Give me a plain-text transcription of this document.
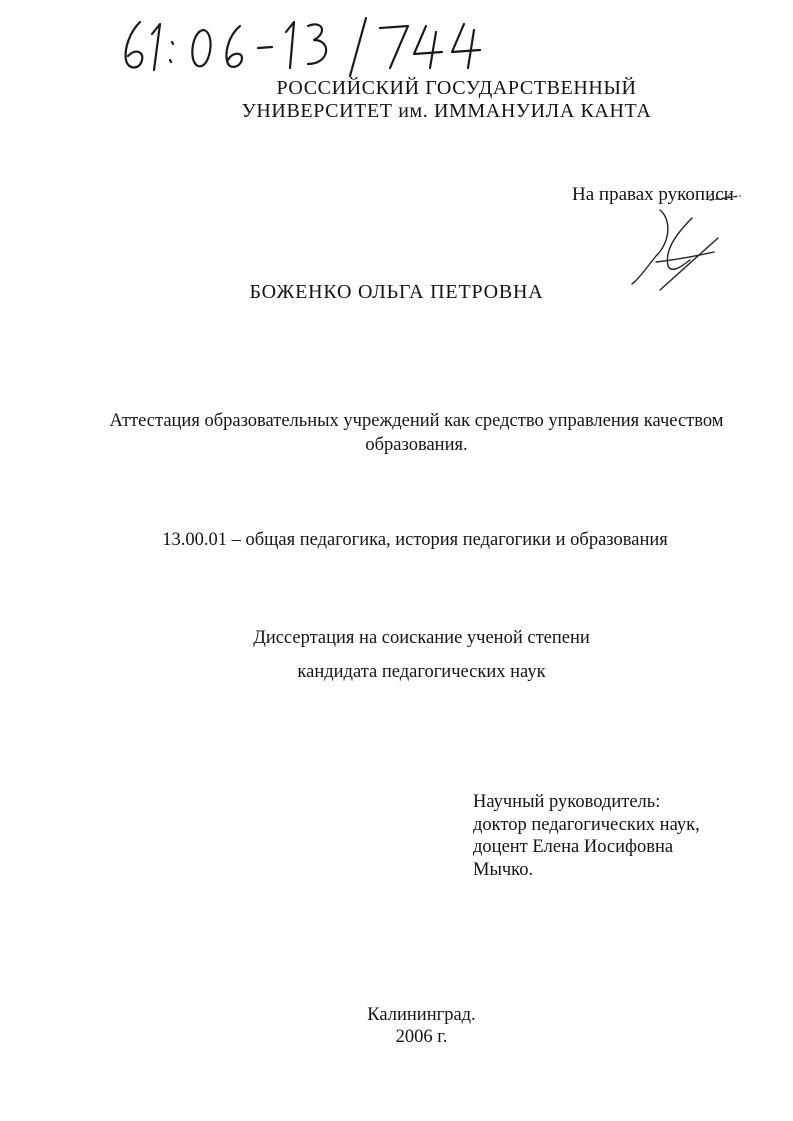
РОССИЙСКИЙ ГОСУДАРСТВЕННЫЙ
УНИВЕРСИТЕТ им. ИММАНУИЛА КАНТА
На правах рукописи
БОЖЕНКО ОЛЬГА ПЕТРОВНА
Аттестация образовательных учреждений как средство управления качеством образования.
13.00.01 – общая педагогика, история педагогики и образования
Диссертация на соискание ученой степени
кандидата педагогических наук
Научный руководитель:
доктор педагогических наук,
доцент Елена Иосифовна
Мычко.
Калининград.
2006 г.
